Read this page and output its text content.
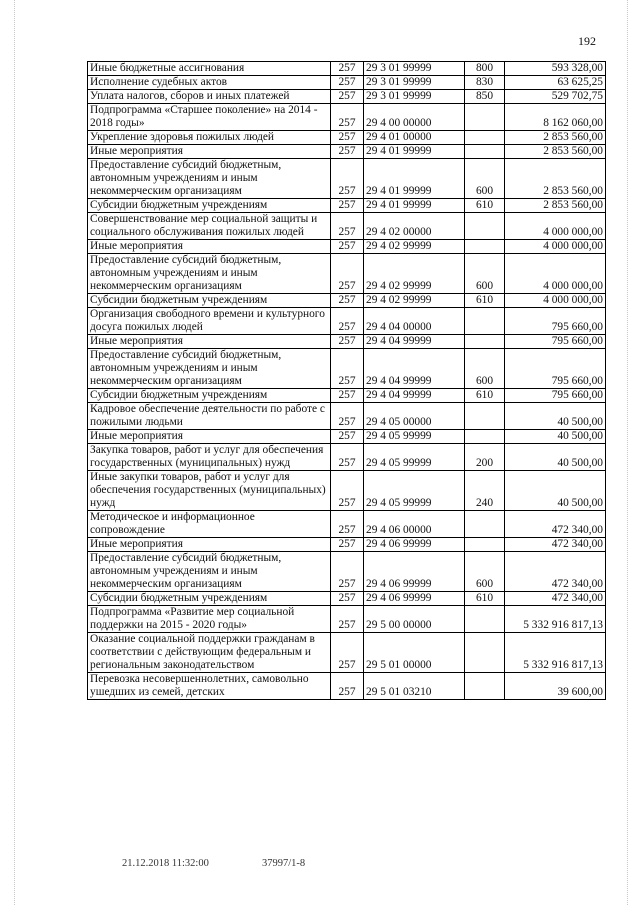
192
Иные бюджетные ассигнования	257	29 3 01 99999	800	593 328,00
Исполнение судебных актов	257	29 3 01 99999	830	63 625,25
Уплата налогов, сборов и иных платежей	257	29 3 01 99999	850	529 702,75
Подпрограмма «Старшее поколение» на 2014 - 2018 годы»	257	29 4 00 00000		8 162 060,00
Укрепление здоровья пожилых людей	257	29 4 01 00000		2 853 560,00
Иные мероприятия	257	29 4 01 99999		2 853 560,00
Предоставление субсидий бюджетным, автономным учреждениям и иным некоммерческим организациям	257	29 4 01 99999	600	2 853 560,00
Субсидии бюджетным учреждениям	257	29 4 01 99999	610	2 853 560,00
Совершенствование мер социальной защиты и социального обслуживания пожилых людей	257	29 4 02 00000		4 000 000,00
Иные мероприятия	257	29 4 02 99999		4 000 000,00
Предоставление субсидий бюджетным, автономным учреждениям и иным некоммерческим организациям	257	29 4 02 99999	600	4 000 000,00
Субсидии бюджетным учреждениям	257	29 4 02 99999	610	4 000 000,00
Организация свободного времени и культурного досуга пожилых людей	257	29 4 04 00000		795 660,00
Иные мероприятия	257	29 4 04 99999		795 660,00
Предоставление субсидий бюджетным, автономным учреждениям и иным некоммерческим организациям	257	29 4 04 99999	600	795 660,00
Субсидии бюджетным учреждениям	257	29 4 04 99999	610	795 660,00
Кадровое обеспечение деятельности по работе с пожилыми людьми	257	29 4 05 00000		40 500,00
Иные мероприятия	257	29 4 05 99999		40 500,00
Закупка товаров, работ и услуг для обеспечения государственных (муниципальных) нужд	257	29 4 05 99999	200	40 500,00
Иные закупки товаров, работ и услуг для обеспечения государственных (муниципальных) нужд	257	29 4 05 99999	240	40 500,00
Методическое и информационное сопровождение	257	29 4 06 00000		472 340,00
Иные мероприятия	257	29 4 06 99999		472 340,00
Предоставление субсидий бюджетным, автономным учреждениям и иным некоммерческим организациям	257	29 4 06 99999	600	472 340,00
Субсидии бюджетным учреждениям	257	29 4 06 99999	610	472 340,00
Подпрограмма «Развитие мер социальной поддержки на 2015 - 2020 годы»	257	29 5 00 00000		5 332 916 817,13
Оказание социальной поддержки гражданам в соответствии с действующим федеральным и региональным законодательством	257	29 5 01 00000		5 332 916 817,13
Перевозка несовершеннолетних, самовольно ушедших из семей, детских	257	29 5 01 03210		39 600,00
21.12.2018 11:32:00	37997/1-8
